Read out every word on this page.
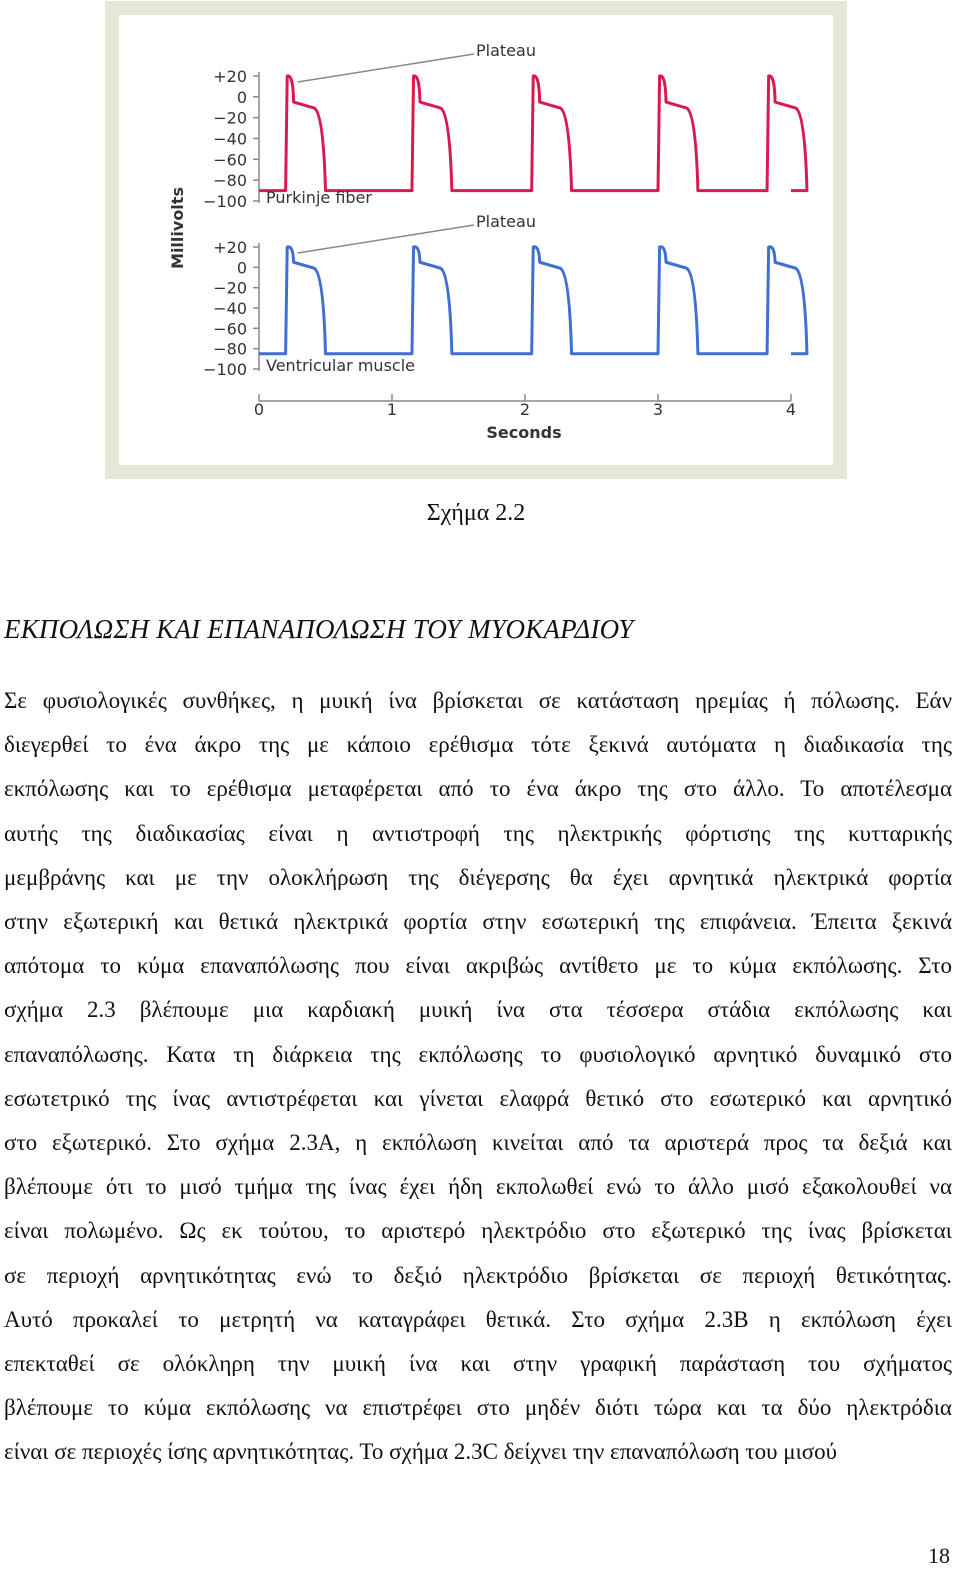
+20
0
−20
−40
−60
−80
−100 Purkinje fiber
Plateau
+20
0
−20
−40
−60
−80
−100 Ventricular muscle
Plateau
0	1	2	3	4
Seconds
Millivolts
Σχήμα 2.2
ΕΚΠΟΛΩΣΗ ΚΑΙ ΕΠΑΝΑΠΟΛΩΣΗ ΤΟΥ ΜΥΟΚΑΡΔΙΟΥ
Σε φυσιολογικές συνθήκες, η μυική ίνα βρίσκεται σε κατάσταση ηρεμίας ή πόλωσης. Εάν
διεγερθεί το ένα άκρο της με κάποιο ερέθισμα τότε ξεκινά αυτόματα η διαδικασία της
εκπόλωσης και το ερέθισμα μεταφέρεται από το ένα άκρο της στο άλλο. Το αποτέλεσμα
αυτής της διαδικασίας είναι η αντιστροφή της ηλεκτρικής φόρτισης της κυτταρικής
μεμβράνης και με την ολοκλήρωση της διέγερσης θα έχει αρνητικά ηλεκτρικά φορτία
στην εξωτερική και θετικά ηλεκτρικά φορτία στην εσωτερική της επιφάνεια. Έπειτα ξεκινά
απότομα το κύμα επαναπόλωσης που είναι ακριβώς αντίθετο με το κύμα εκπόλωσης. Στο
σχήμα 2.3 βλέπουμε μια καρδιακή μυική ίνα στα τέσσερα στάδια εκπόλωσης και
επαναπόλωσης. Κατα τη διάρκεια της εκπόλωσης το φυσιολογικό αρνητικό δυναμικό στο
εσωτετρικό της ίνας αντιστρέφεται και γίνεται ελαφρά θετικό στο εσωτερικό και αρνητικό
στο εξωτερικό. Στο σχήμα 2.3Α, η εκπόλωση κινείται από τα αριστερά προς τα δεξιά και
βλέπουμε ότι το μισό τμήμα της ίνας έχει ήδη εκπολωθεί ενώ το άλλο μισό εξακολουθεί να
είναι πολωμένο. Ως εκ τούτου, το αριστερό ηλεκτρόδιο στο εξωτερικό της ίνας βρίσκεται
σε περιοχή αρνητικότητας ενώ το δεξιό ηλεκτρόδιο βρίσκεται σε περιοχή θετικότητας.
Αυτό προκαλεί το μετρητή να καταγράφει θετικά. Στο σχήμα 2.3Β η εκπόλωση έχει
επεκταθεί σε ολόκληρη την μυική ίνα και στην γραφική παράσταση του σχήματος
βλέπουμε το κύμα εκπόλωσης να επιστρέφει στο μηδέν διότι τώρα και τα δύο ηλεκτρόδια
είναι σε περιοχές ίσης αρνητικότητας. Το σχήμα 2.3C δείχνει την επαναπόλωση του μισού
18
